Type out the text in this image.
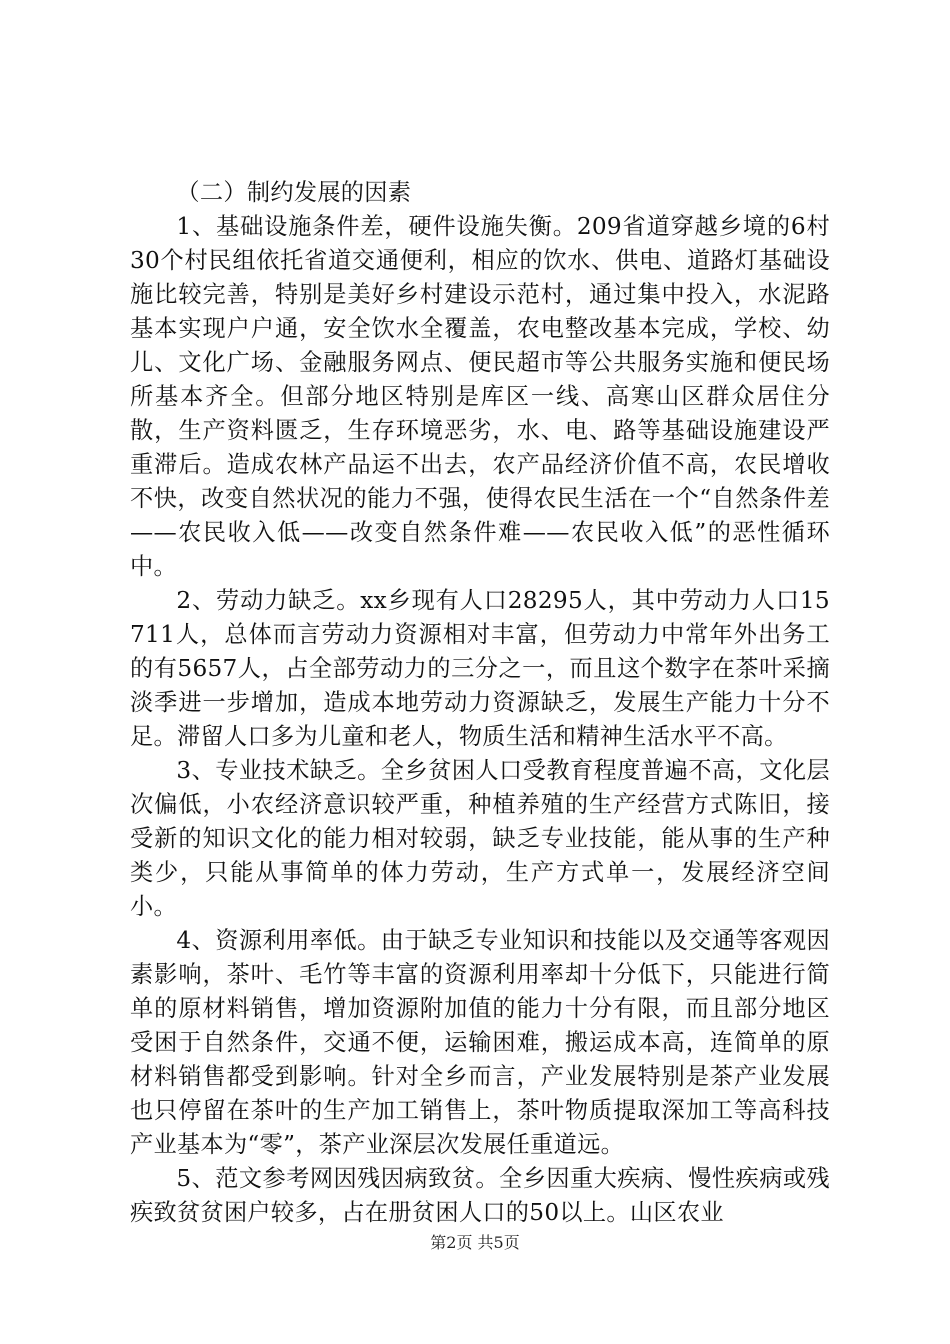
（二）制约发展的因素

1、基础设施条件差，硬件设施失衡。209省道穿越乡境的6村30个村民组依托省道交通便利，相应的饮水、供电、道路灯基础设施比较完善，特别是美好乡村建设示范村，通过集中投入，水泥路基本实现户户通，安全饮水全覆盖，农电整改基本完成，学校、幼儿、文化广场、金融服务网点、便民超市等公共服务实施和便民场所基本齐全。但部分地区特别是库区一线、高寒山区群众居住分散，生产资料匮乏，生存环境恶劣，水、电、路等基础设施建设严重滞后。造成农林产品运不出去，农产品经济价值不高，农民增收不快，改变自然状况的能力不强，使得农民生活在一个“自然条件差——农民收入低——改变自然条件难——农民收入低”的恶性循环中。

2、劳动力缺乏。xx乡现有人口28295人，其中劳动力人口15711人，总体而言劳动力资源相对丰富，但劳动力中常年外出务工的有5657人，占全部劳动力的三分之一，而且这个数字在茶叶采摘淡季进一步增加，造成本地劳动力资源缺乏，发展生产能力十分不足。滞留人口多为儿童和老人，物质生活和精神生活水平不高。

3、专业技术缺乏。全乡贫困人口受教育程度普遍不高，文化层次偏低，小农经济意识较严重，种植养殖的生产经营方式陈旧，接受新的知识文化的能力相对较弱，缺乏专业技能，能从事的生产种类少，只能从事简单的体力劳动，生产方式单一，发展经济空间小。

4、资源利用率低。由于缺乏专业知识和技能以及交通等客观因素影响，茶叶、毛竹等丰富的资源利用率却十分低下，只能进行简单的原材料销售，增加资源附加值的能力十分有限，而且部分地区受困于自然条件，交通不便，运输困难，搬运成本高，连简单的原材料销售都受到影响。针对全乡而言，产业发展特别是茶产业发展也只停留在茶叶的生产加工销售上，茶叶物质提取深加工等高科技产业基本为“零”，茶产业深层次发展任重道远。

5、范文参考网因残因病致贫。全乡因重大疾病、慢性疾病或残疾致贫贫困户较多，占在册贫困人口的50以上。山区农业

第2页 共5页
